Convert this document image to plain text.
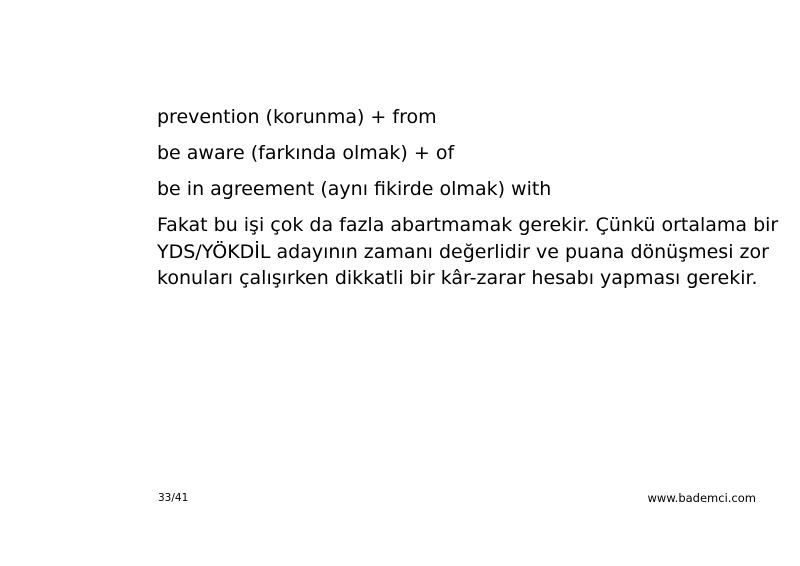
prevention (korunma) + from

be aware (farkında olmak) + of

be in agreement (aynı fikirde olmak) with

Fakat bu işi çok da fazla abartmamak gerekir. Çünkü ortalama bir
YDS/YÖKDİL adayının zamanı değerlidir ve puana dönüşmesi zor
konuları çalışırken dikkatli bir kâr-zarar hesabı yapması gerekir.

33/41	www.bademci.com
